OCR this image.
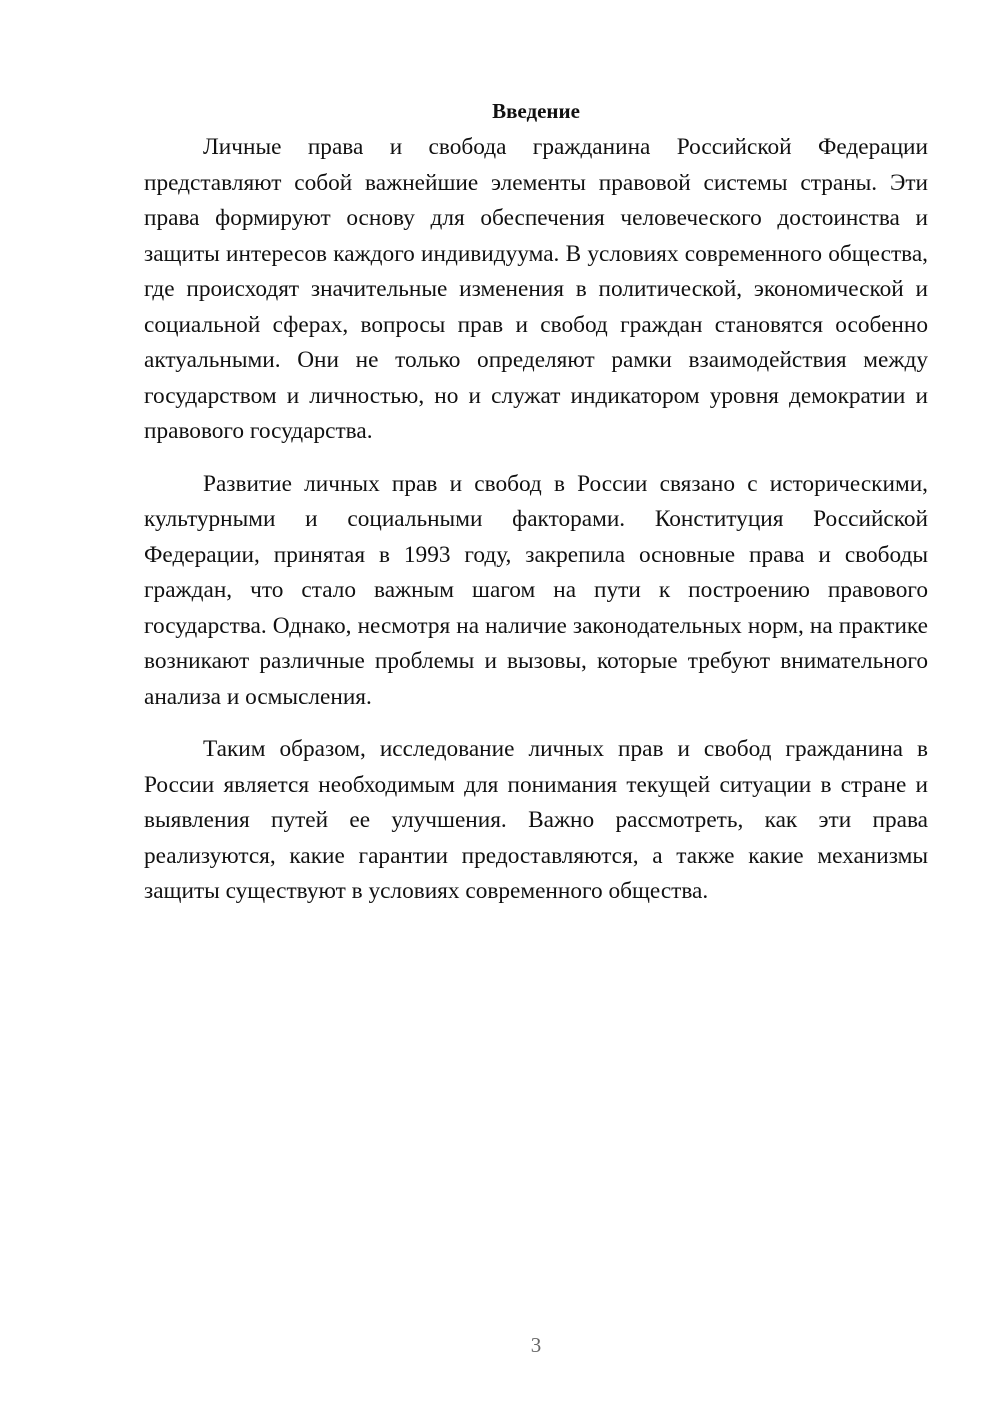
Введение

Личные права и свобода гражданина Российской Федерации представляют собой важнейшие элементы правовой системы страны. Эти права формируют основу для обеспечения человеческого достоинства и защиты интересов каждого индивидуума. В условиях современного общества, где происходят значительные изменения в политической, экономической и социальной сферах, вопросы прав и свобод граждан становятся особенно актуальными. Они не только определяют рамки взаимодействия между государством и личностью, но и служат индикатором уровня демократии и правового государства.

Развитие личных прав и свобод в России связано с историческими, культурными и социальными факторами. Конституция Российской Федерации, принятая в 1993 году, закрепила основные права и свободы граждан, что стало важным шагом на пути к построению правового государства. Однако, несмотря на наличие законодательных норм, на практике возникают различные проблемы и вызовы, которые требуют внимательного анализа и осмысления.

Таким образом, исследование личных прав и свобод гражданина в России является необходимым для понимания текущей ситуации в стране и выявления путей ее улучшения. Важно рассмотреть, как эти права реализуются, какие гарантии предоставляются, а также какие механизмы защиты существуют в условиях современного общества.

3
